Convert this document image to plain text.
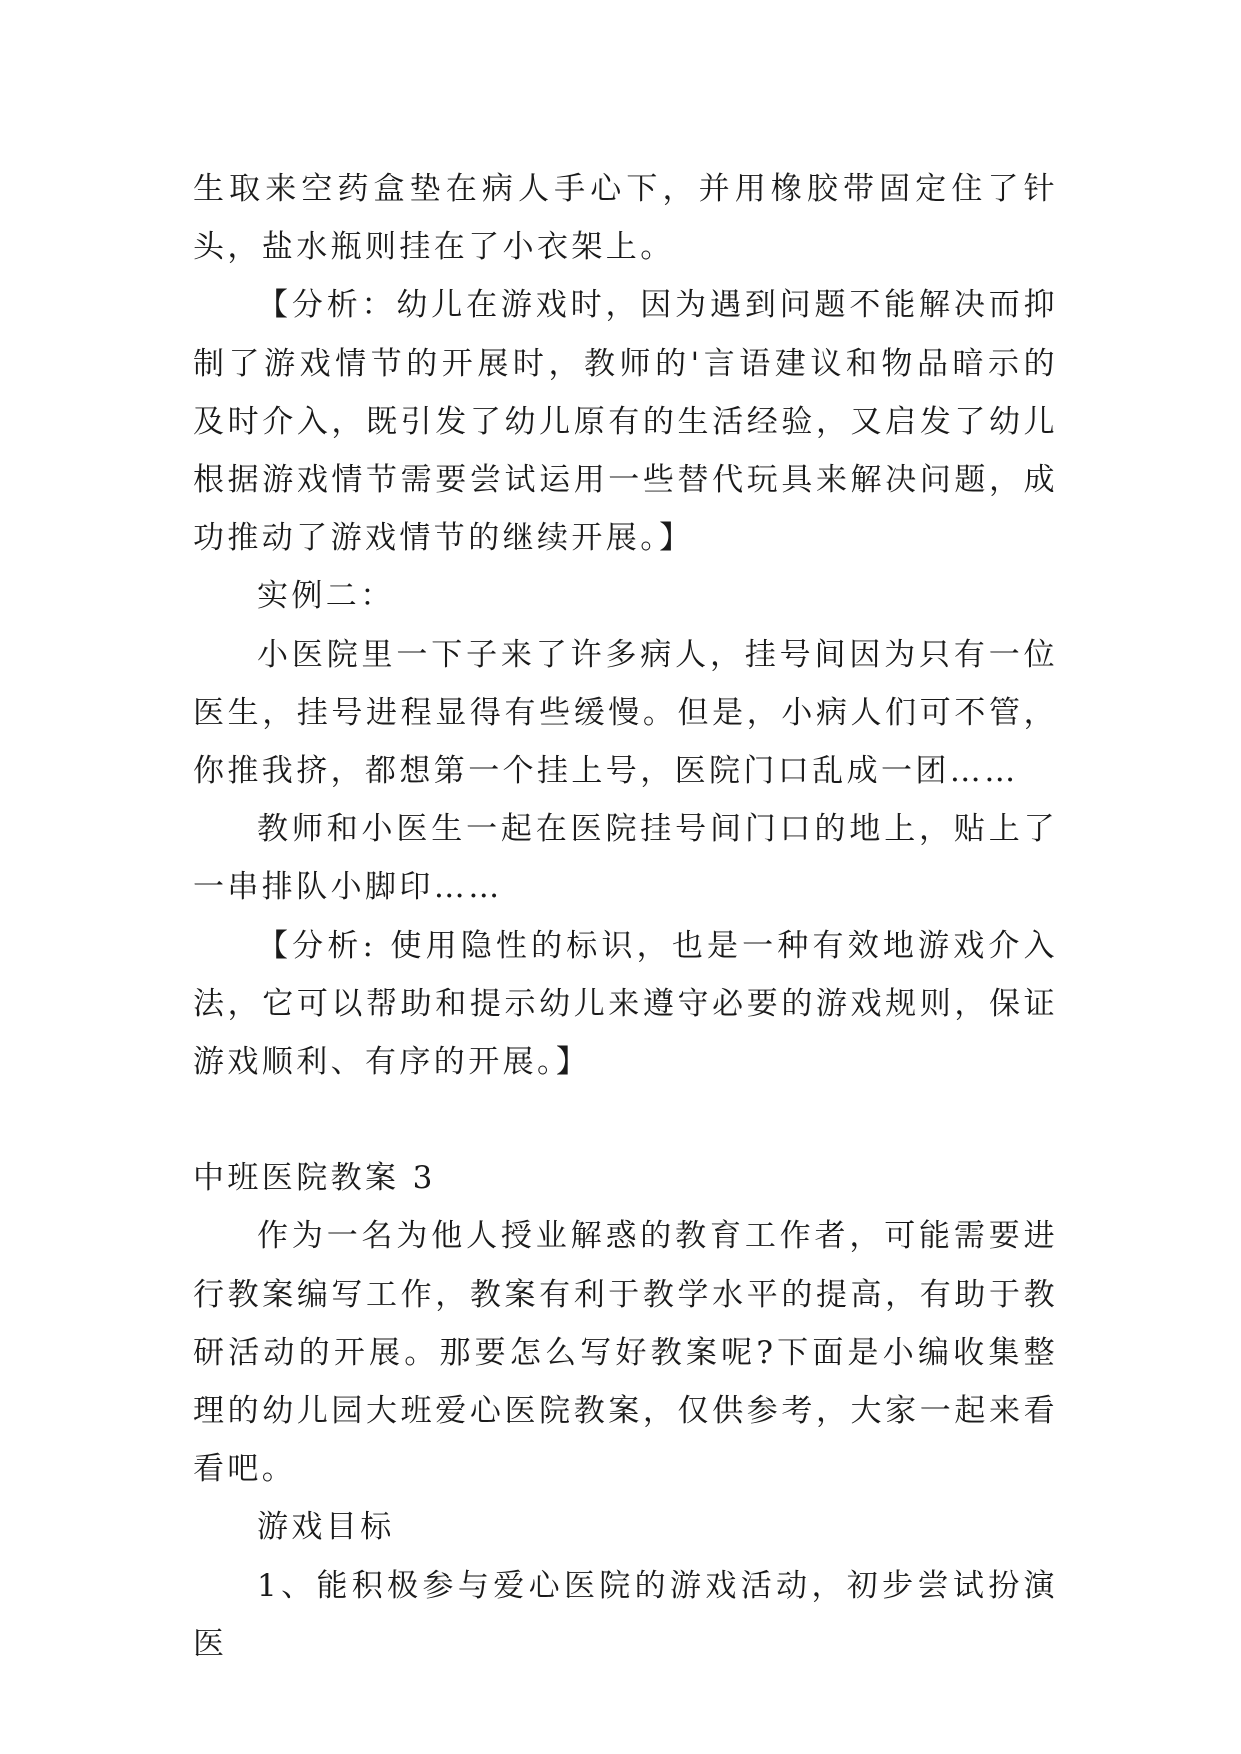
生取来空药盒垫在病人手心下，并用橡胶带固定住了针头，盐水瓶则挂在了小衣架上。

【分析：幼儿在游戏时，因为遇到问题不能解决而抑制了游戏情节的开展时，教师的'言语建议和物品暗示的及时介入，既引发了幼儿原有的生活经验，又启发了幼儿根据游戏情节需要尝试运用一些替代玩具来解决问题，成功推动了游戏情节的继续开展。】

实例二：

小医院里一下子来了许多病人，挂号间因为只有一位医生，挂号进程显得有些缓慢。但是，小病人们可不管，你推我挤，都想第一个挂上号，医院门口乱成一团……

教师和小医生一起在医院挂号间门口的地上，贴上了一串排队小脚印……

【分析: 使用隐性的标识，也是一种有效地游戏介入法，它可以帮助和提示幼儿来遵守必要的游戏规则，保证游戏顺利、有序的开展。】

中班医院教案 3

作为一名为他人授业解惑的教育工作者，可能需要进行教案编写工作，教案有利于教学水平的提高，有助于教研活动的开展。那要怎么写好教案呢?下面是小编收集整理的幼儿园大班爱心医院教案，仅供参考，大家一起来看看吧。

游戏目标

1、能积极参与爱心医院的游戏活动，初步尝试扮演医
